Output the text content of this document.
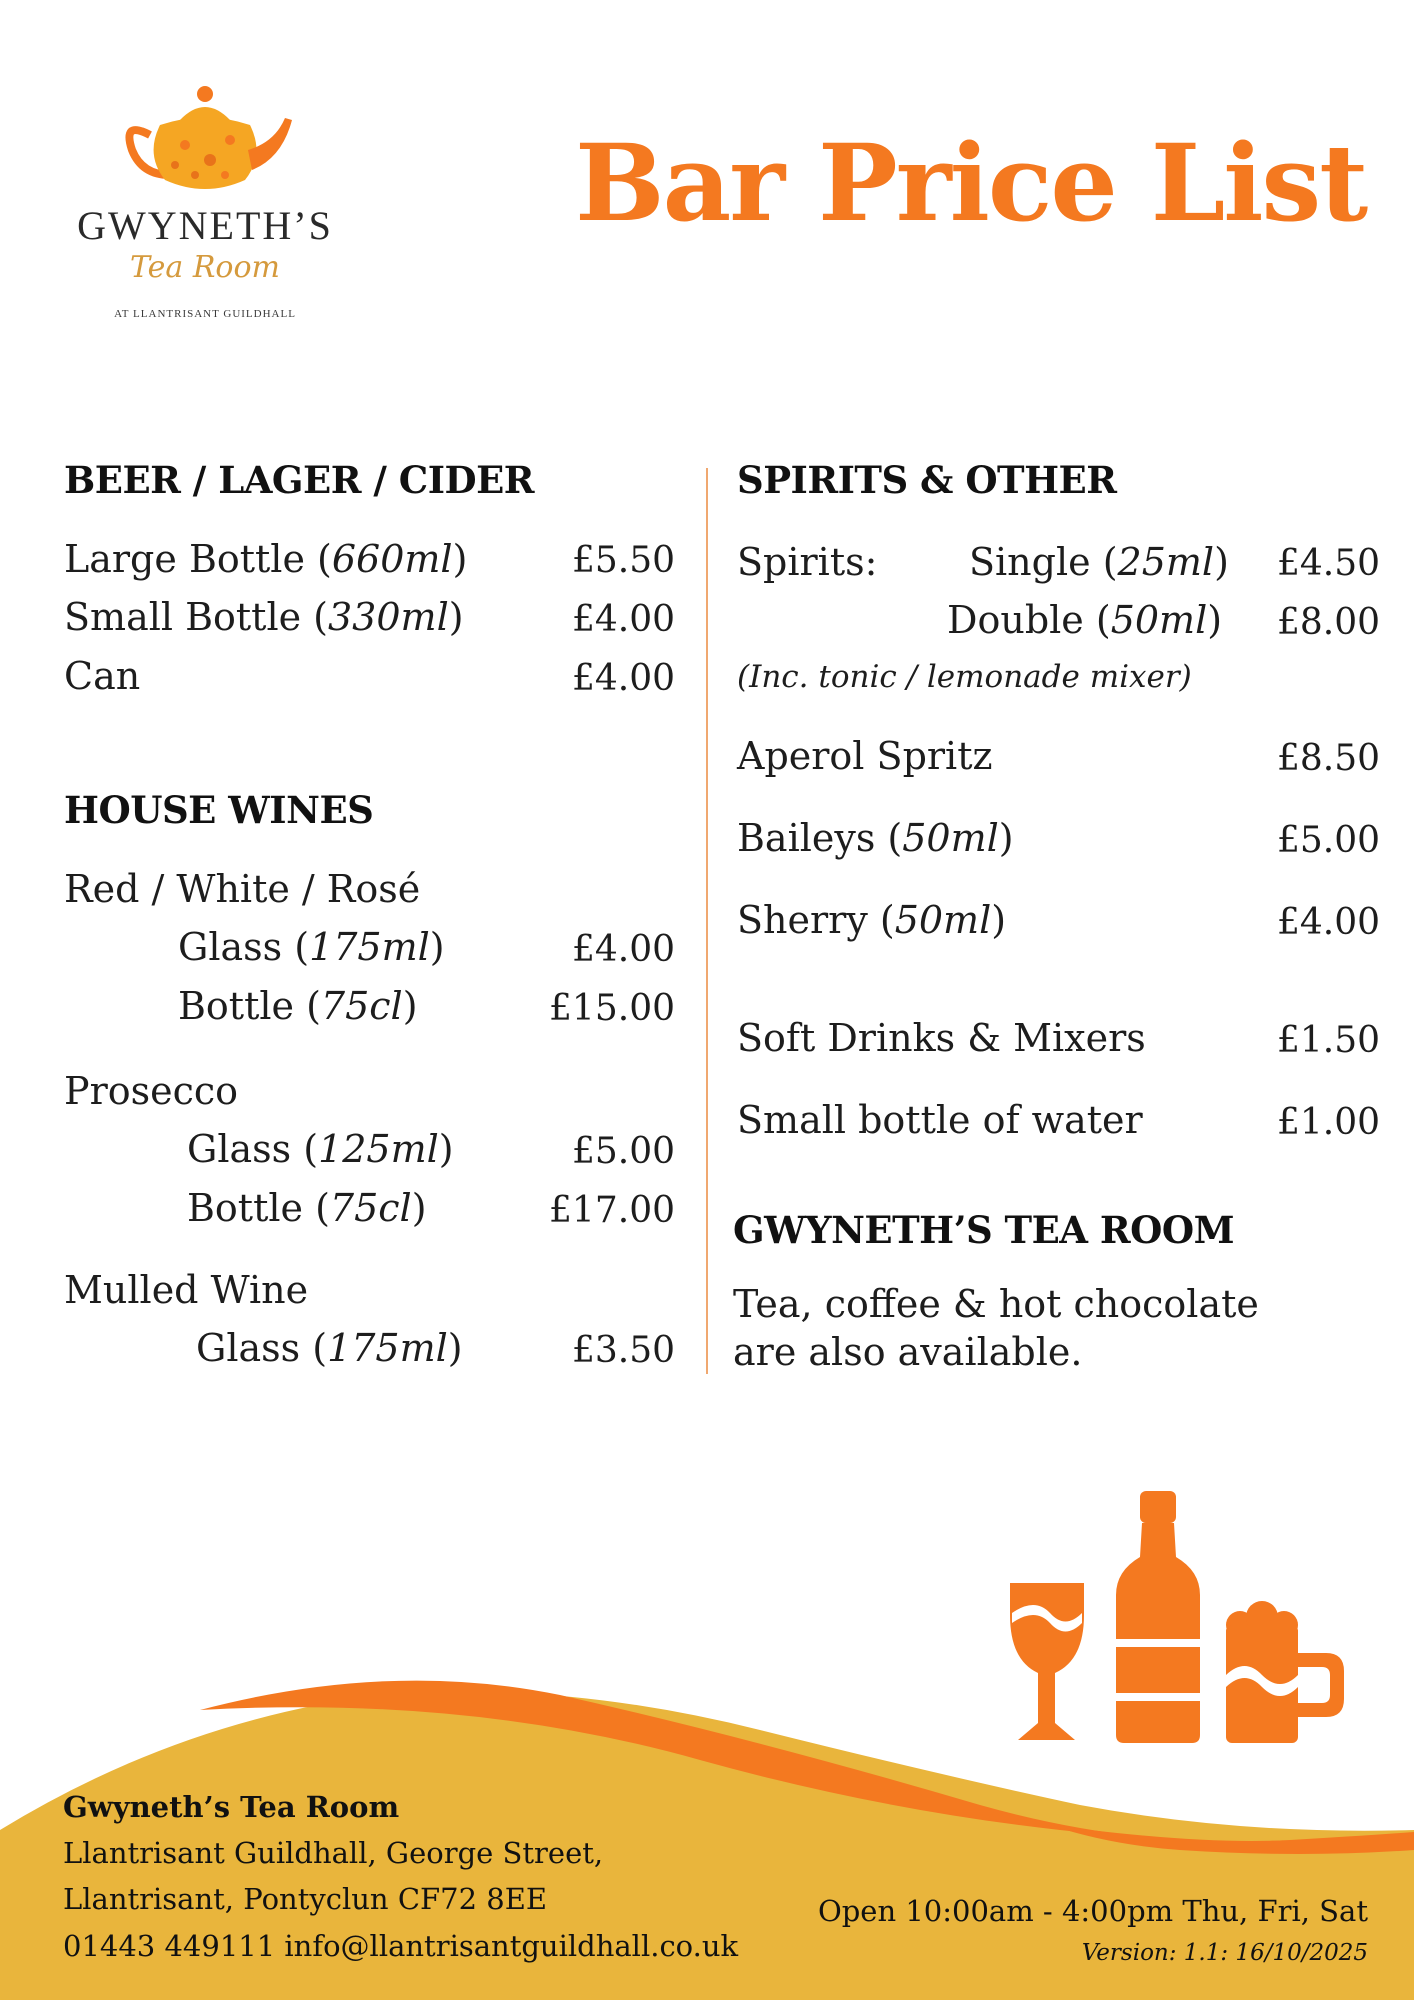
GWYNETH’S
Tea Room
AT LLANTRISANT GUILDHALL
Bar Price List
BEER / LAGER / CIDER
Large Bottle (660ml)	£5.50
Small Bottle (330ml)	£4.00
Can	£4.00
HOUSE WINES
Red / White / Rosé
Glass (175ml)	£4.00
Bottle (75cl)	£15.00
Prosecco
Glass (125ml)	£5.00
Bottle (75cl)	£17.00
Mulled Wine
Glass (175ml)	£3.50
SPIRITS & OTHER
Spirits: Single (25ml)	£4.50
Double (50ml)	£8.00
(Inc. tonic / lemonade mixer)
Aperol Spritz	£8.50
Baileys (50ml)	£5.00
Sherry (50ml)	£4.00
Soft Drinks & Mixers	£1.50
Small bottle of water	£1.00
GWYNETH’S TEA ROOM
Tea, coffee & hot chocolate
are also available.
Gwyneth’s Tea Room
Llantrisant Guildhall, George Street,
Llantrisant, Pontyclun CF72 8EE
01443 449111 info@llantrisantguildhall.co.uk
Open 10:00am - 4:00pm Thu, Fri, Sat
Version: 1.1: 16/10/2025
